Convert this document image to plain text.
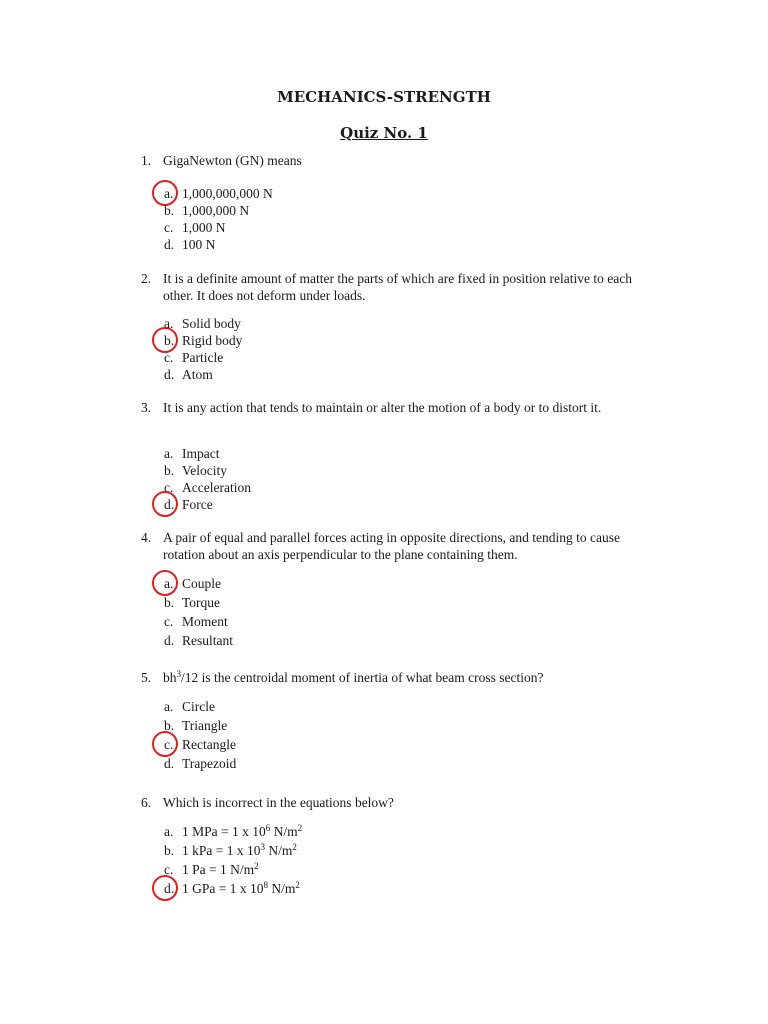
MECHANICS-STRENGTH
Quiz No. 1
1. GigaNewton (GN) means
a. 1,000,000,000 N
b. 1,000,000 N
c. 1,000 N
d. 100 N
2. It is a definite amount of matter the parts of which are fixed in position relative to each other. It does not deform under loads.
a. Solid body
b. Rigid body
c. Particle
d. Atom
3. It is any action that tends to maintain or alter the motion of a body or to distort it.
a. Impact
b. Velocity
c. Acceleration
d. Force
4. A pair of equal and parallel forces acting in opposite directions, and tending to cause rotation about an axis perpendicular to the plane containing them.
a. Couple
b. Torque
c. Moment
d. Resultant
5. $bh^3/12$ is the centroidal moment of inertia of what beam cross section?
a. Circle
b. Triangle
c. Rectangle
d. Trapezoid
6. Which is incorrect in the equations below?
a. 1 MPa = 1 x $10^6$ $N/m^2$
b. 1 kPa = 1 x $10^3$ $N/m^2$
c. 1 Pa = 1 $N/m^2$
d. 1 GPa = 1 x $10^8$ $N/m^2$
